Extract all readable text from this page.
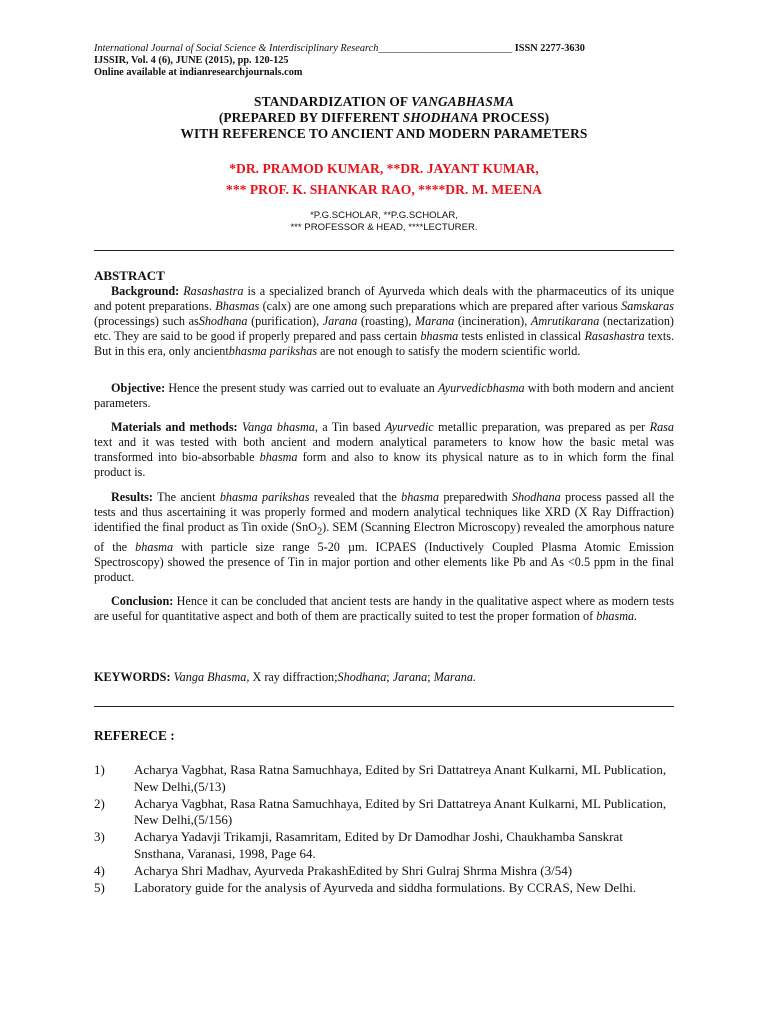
International Journal of Social Science & Interdisciplinary Research__________________________ ISSN 2277-3630
IJSSIR, Vol. 4 (6), JUNE (2015), pp. 120-125
Online available at indianresearchjournals.com
STANDARDIZATION OF VANGABHASMA
(PREPARED BY DIFFERENT SHODHANA PROCESS)
WITH REFERENCE TO ANCIENT AND MODERN PARAMETERS
*DR. PRAMOD KUMAR, **DR. JAYANT KUMAR,
*** PROF. K. SHANKAR RAO, ****DR. M. MEENA
*P.G.SCHOLAR, **P.G.SCHOLAR,
*** PROFESSOR & HEAD, ****LECTURER.
ABSTRACT
Background: Rasashastra is a specialized branch of Ayurveda which deals with the pharmaceutics of its unique and potent preparations. Bhasmas (calx) are one among such preparations which are prepared after various Samskaras (processings) such asShodhana (purification), Jarana (roasting), Marana (incineration), Amrutikarana (nectarization) etc. They are said to be good if properly prepared and pass certain bhasma tests enlisted in classical Rasashastra texts. But in this era, only ancientbhasma parikshas are not enough to satisfy the modern scientific world.
Objective: Hence the present study was carried out to evaluate an Ayurvedicbhasma with both modern and ancient parameters.
Materials and methods: Vanga bhasma, a Tin based Ayurvedic metallic preparation, was prepared as per Rasa text and it was tested with both ancient and modern analytical parameters to know how the basic metal was transformed into bio-absorbable bhasma form and also to know its physical nature as to in which form the final product is.
Results: The ancient bhasma parikshas revealed that the bhasma preparedwith Shodhana process passed all the tests and thus ascertaining it was properly formed and modern analytical techniques like XRD (X Ray Diffraction) identified the final product as Tin oxide (SnO$_2$). SEM (Scanning Electron Microscopy) revealed the amorphous nature of the bhasma with particle size range 5-20 µm. ICPAES (Inductively Coupled Plasma Atomic Emission Spectroscopy) showed the presence of Tin in major portion and other elements like Pb and As <0.5 ppm in the final product.
Conclusion: Hence it can be concluded that ancient tests are handy in the qualitative aspect where as modern tests are useful for quantitative aspect and both of them are practically suited to test the proper formation of bhasma.
KEYWORDS: Vanga Bhasma, X ray diffraction;Shodhana; Jarana; Marana.
REFERECE :
1) Acharya Vagbhat, Rasa Ratna Samuchhaya, Edited by Sri Dattatreya Anant Kulkarni, ML Publication, New Delhi,(5/13)
2) Acharya Vagbhat, Rasa Ratna Samuchhaya, Edited by Sri Dattatreya Anant Kulkarni, ML Publication, New Delhi,(5/156)
3) Acharya Yadavji Trikamji, Rasamritam, Edited by Dr Damodhar Joshi, Chaukhamba Sanskrat Snsthana, Varanasi, 1998, Page 64.
4) Acharya Shri Madhav, Ayurveda PrakashEdited by Shri Gulraj Shrma Mishra (3/54)
5) Laboratory guide for the analysis of Ayurveda and siddha formulations. By CCRAS, New Delhi.
